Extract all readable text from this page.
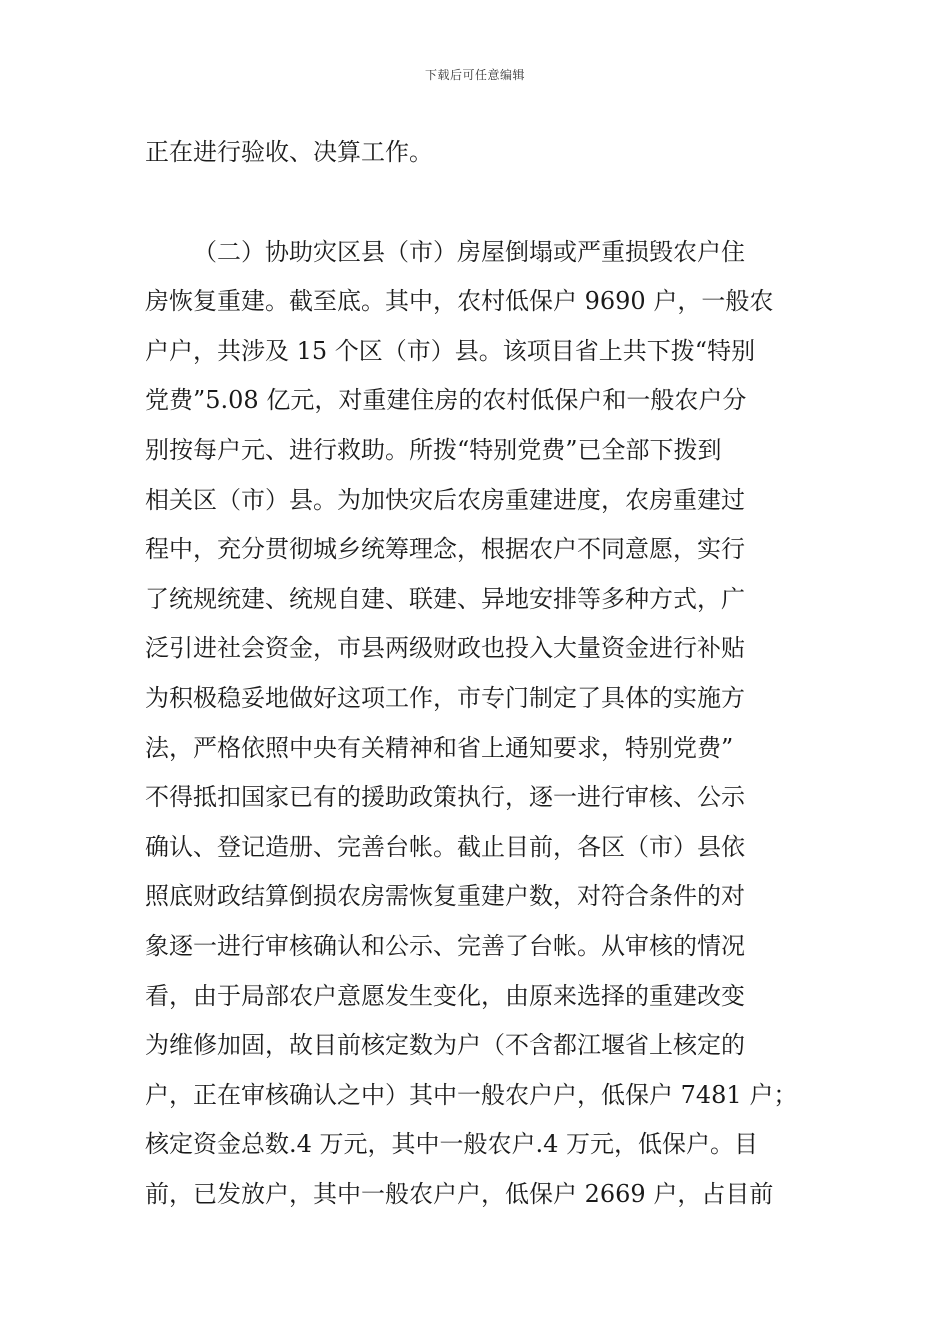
下载后可任意编辑

正在进行验收、决算工作。

（二）协助灾区县（市）房屋倒塌或严重损毁农户住
房恢复重建。截至底。其中，农村低保户 9690 户，一般农
户户，共涉及 15 个区（市）县。该项目省上共下拨“特别
党费”5.08 亿元，对重建住房的农村低保户和一般农户分
别按每户元、进行救助。所拨“特别党费”已全部下拨到
相关区（市）县。为加快灾后农房重建进度，农房重建过
程中，充分贯彻城乡统筹理念，根据农户不同意愿，实行
了统规统建、统规自建、联建、异地安排等多种方式，广
泛引进社会资金，市县两级财政也投入大量资金进行补贴
为积极稳妥地做好这项工作，市专门制定了具体的实施方
法，严格依照中央有关精神和省上通知要求，特别党费”
不得抵扣国家已有的援助政策执行，逐一进行审核、公示
确认、登记造册、完善台帐。截止目前，各区（市）县依
照底财政结算倒损农房需恢复重建户数，对符合条件的对
象逐一进行审核确认和公示、完善了台帐。从审核的情况
看，由于局部农户意愿发生变化，由原来选择的重建改变
为维修加固，故目前核定数为户（不含都江堰省上核定的
户，正在审核确认之中）其中一般农户户，低保户 7481 户；
核定资金总数.4 万元，其中一般农户.4 万元，低保户。目
前，已发放户，其中一般农户户，低保户 2669 户，占目前
